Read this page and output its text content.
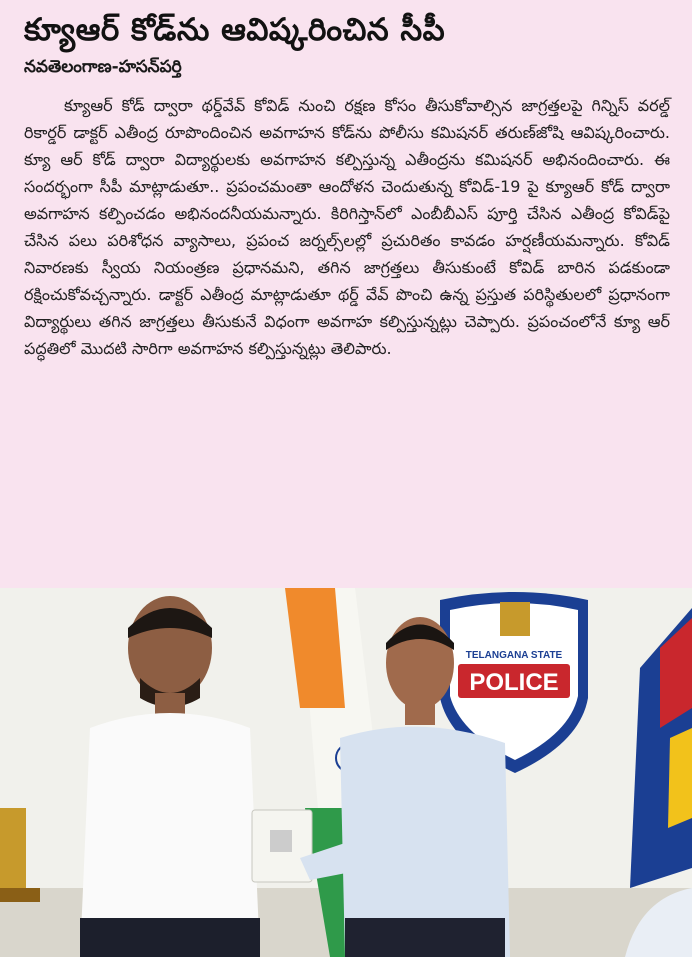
క్యూఆర్ కోడ్‌ను ఆవిష్కరించిన సీపీ
నవతెలంగాణ-హసన్‌పర్తి

క్యూఆర్ కోడ్ ద్వారా థర్డ్‌వేవ్ కోవిడ్ నుంచి రక్షణ కోసం తీసుకోవాల్సిన జాగ్రత్తలపై గిన్నిస్ వరల్డ్ రికార్డర్ డాక్టర్ ఎతీంద్ర రూపొందించిన అవగాహన కోడ్‌ను పోలీసు కమిషనర్ తరుణ్‌జోషి ఆవిష్కరించారు. క్యూ ఆర్ కోడ్ ద్వారా విద్యార్థులకు అవగాహన కల్పిస్తున్న ఎతీంద్రను కమిషనర్ అభినందించారు. ఈ సందర్భంగా సీపీ మాట్లాడుతూ.. ప్రపంచమంతా ఆందోళన చెందుతున్న కోవిడ్-19 పై క్యూఆర్ కోడ్ ద్వారా అవగాహన కల్పించడం అభినందనీయమన్నారు. కిరిగిస్తాన్‌లో ఎంబీబీఎస్ పూర్తి చేసిన ఎతీంద్ర కోవిడ్‌పై చేసిన పలు పరిశోధన వ్యాసాలు, ప్రపంచ జర్నల్స్‌లల్లో ప్రచురితం కావడం హర్షణీయమన్నారు. కోవిడ్ నివారణకు స్వీయ నియంత్రణ ప్రధానమని, తగిన జాగ్రత్తలు తీసుకుంటే కోవిడ్ బారిన పడకుండా రక్షించుకోవచ్చన్నారు. డాక్టర్ ఎతీంద్ర మాట్లాడుతూ థర్డ్ వేవ్ పొంచి ఉన్న ప్రస్తుత పరిస్థితులలో ప్రధానంగా విద్యార్థులు తగిన జాగ్రత్తలు తీసుకునే విధంగా అవగాహ కల్పిస్తున్నట్లు చెప్పారు. ప్రపంచంలోనే క్యూ ఆర్ పద్ధతిలో మొదటి సారిగా అవగాహన కల్పిస్తున్నట్లు తెలిపారు.

TELANGANA STATE
POLICE
